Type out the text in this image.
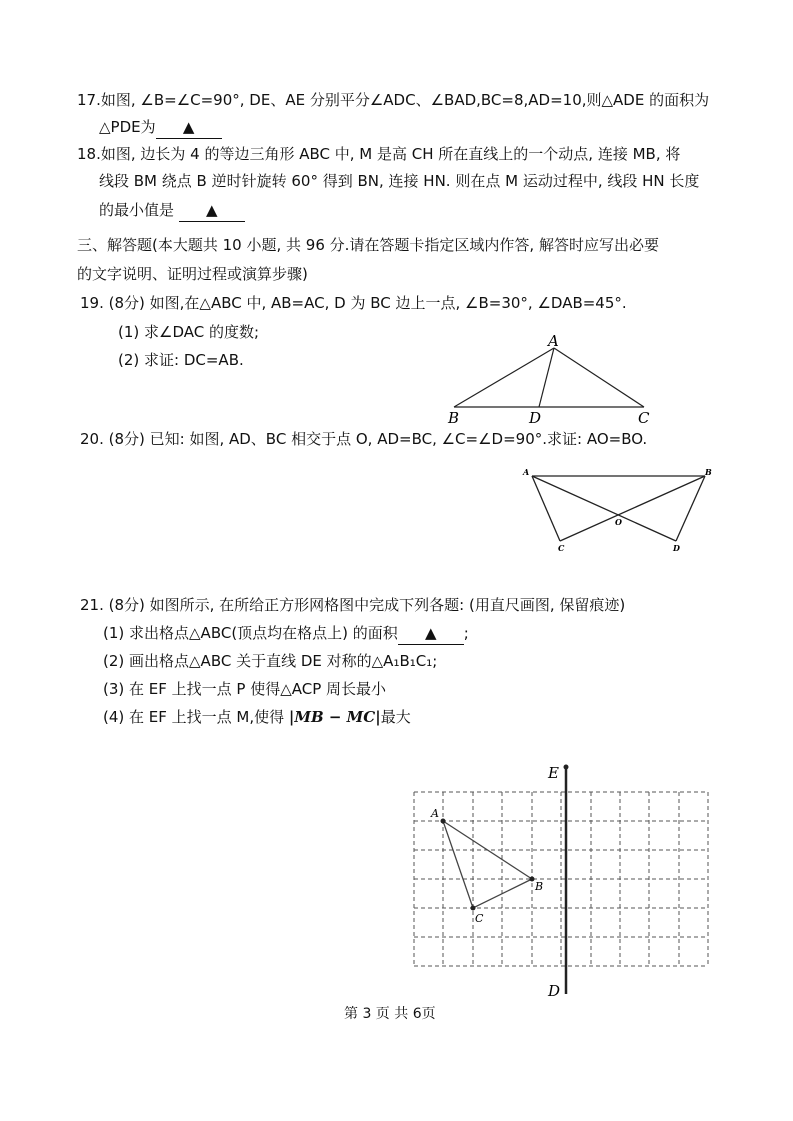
17.如图, ∠B=∠C=90°, DE、AE 分别平分∠ADC、∠BAD,BC=8,AD=10,则△ADE 的面积为
△PDE为 ▲
18.如图, 边长为 4 的等边三角形 ABC 中, M 是高 CH 所在直线上的一个动点, 连接 MB, 将
线段 BM 绕点 B 逆时针旋转 60° 得到 BN, 连接 HN. 则在点 M 运动过程中, 线段 HN 长度
的最小值是 ▲
三、解答题(本大题共 10 小题, 共 96 分.请在答题卡指定区域内作答, 解答时应写出必要
的文字说明、证明过程或演算步骤)
19. (8分) 如图,在△ABC 中, AB=AC, D 为 BC 边上一点, ∠B=30°, ∠DAB=45°.
(1) 求∠DAC 的度数;
(2) 求证: DC=AB.
A
B	D	C
20. (8分) 已知: 如图, AD、BC 相交于点 O, AD=BC, ∠C=∠D=90°.求证: AO=BO.
A	B
C	D
O
21. (8分) 如图所示, 在所给正方形网格图中完成下列各题: (用直尺画图, 保留痕迹)
(1) 求出格点△ABC(顶点均在格点上) 的面积 ▲ ;
(2) 画出格点△ABC 关于直线 DE 对称的△A₁B₁C₁;
(3) 在 EF 上找一点 P 使得△ACP 周长最小
(4) 在 EF 上找一点 M,使得 |MB − MC|最大
A
B
C
E
D
第 3 页 共 6页
